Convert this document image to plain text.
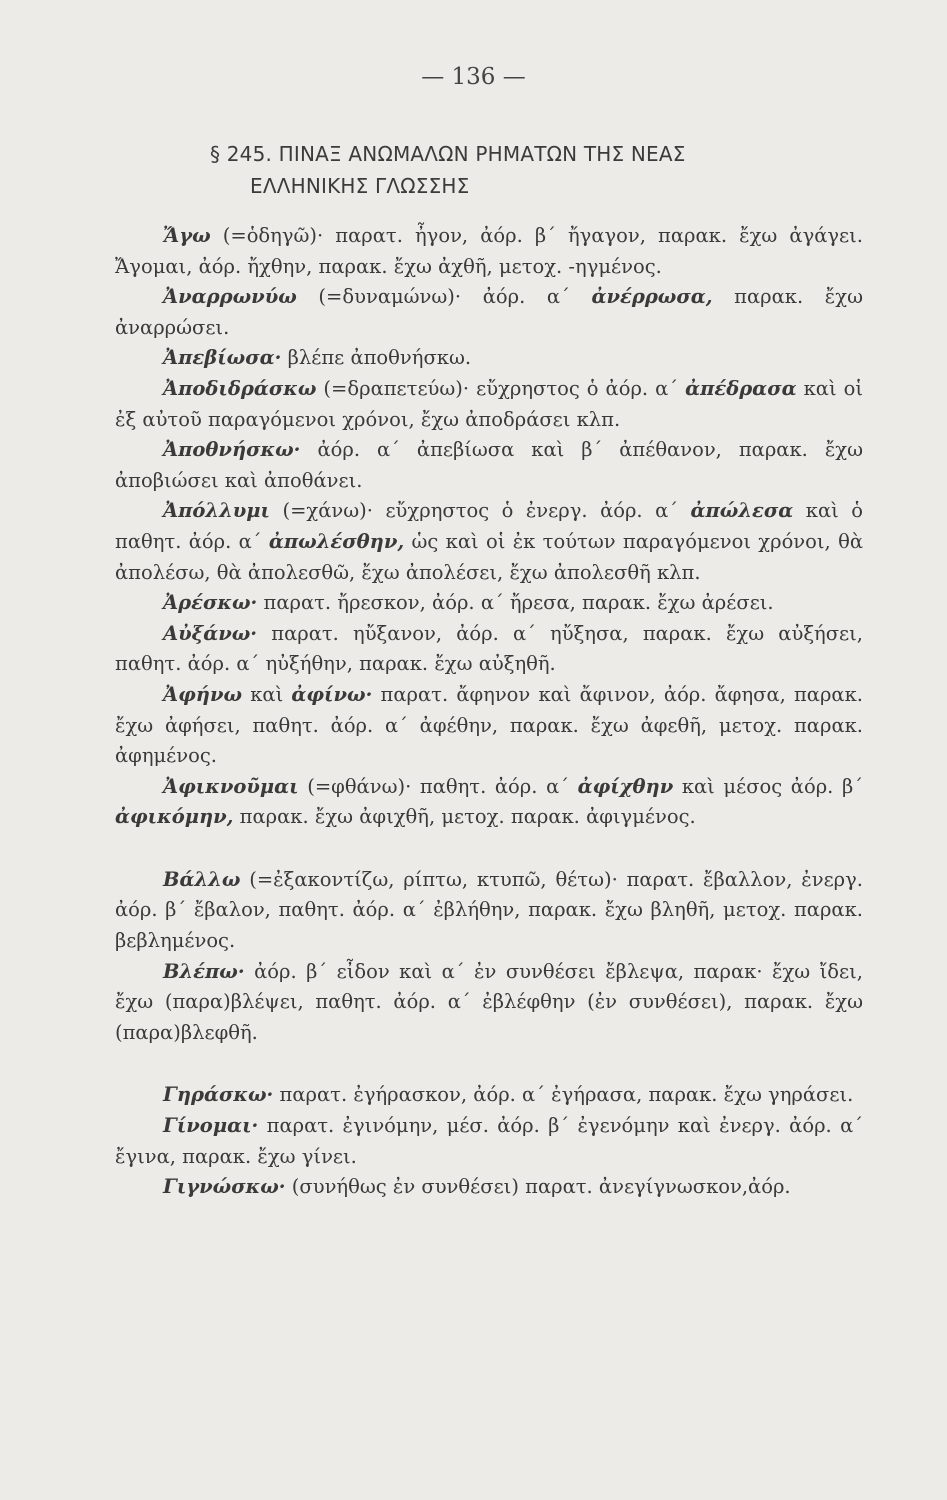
— 136 —
§ 245. ΠΙΝΑΞ ΑΝΩΜΑΛΩΝ ΡΗΜΑΤΩΝ ΤΗΣ ΝΕΑΣ
ΕΛΛΗΝΙΚΗΣ ΓΛΩΣΣΗΣ

Ἄγω (=ὁδηγῶ)· παρατ. ἦγον, ἀόρ. β΄ ἤγαγον, παρακ. ἔχω ἀγάγει. Ἄγομαι, ἀόρ. ἤχθην, παρακ. ἔχω ἀχθῆ, μετοχ. -ηγμένος.

Ἀναρρωνύω (=δυναμώνω)· ἀόρ. α΄ ἀνέρρωσα, παρακ. ἔχω ἀναρρώσει.

Ἀπεβίωσα· βλέπε ἀποθνήσκω.

Ἀποδιδράσκω (=δραπετεύω)· εὔχρηστος ὁ ἀόρ. α΄ ἀπέδρασα καὶ οἱ ἐξ αὐτοῦ παραγόμενοι χρόνοι, ἔχω ἀποδράσει κλπ.

Ἀποθνήσκω· ἀόρ. α΄ ἀπεβίωσα καὶ β΄ ἀπέθανον, παρακ. ἔχω ἀποβιώσει καὶ ἀποθάνει.

Ἀπόλλυμι (=χάνω)· εὔχρηστος ὁ ἐνεργ. ἀόρ. α΄ ἀπώλεσα καὶ ὁ παθητ. ἀόρ. α΄ ἀπωλέσθην, ὡς καὶ οἱ ἐκ τούτων παραγόμενοι χρόνοι, θὰ ἀπολέσω, θὰ ἀπολεσθῶ, ἔχω ἀπολέσει, ἔχω ἀπολεσθῆ κλπ.

Ἀρέσκω· παρατ. ἤρεσκον, ἀόρ. α΄ ἤρεσα, παρακ. ἔχω ἀρέσει.

Αὐξάνω· παρατ. ηὔξανον, ἀόρ. α΄ ηὔξησα, παρακ. ἔχω αὐξήσει, παθητ. ἀόρ. α΄ ηὐξήθην, παρακ. ἔχω αὐξηθῆ.

Ἀφήνω καὶ ἀφίνω· παρατ. ἄφηνον καὶ ἄφινον, ἀόρ. ἄφησα, παρακ. ἔχω ἀφήσει, παθητ. ἀόρ. α΄ ἀφέθην, παρακ. ἔχω ἀφεθῆ, μετοχ. παρακ. ἀφημένος.

Ἀφικνοῦμαι (=φθάνω)· παθητ. ἀόρ. α΄ ἀφίχθην καὶ μέσος ἀόρ. β΄ ἀφικόμην, παρακ. ἔχω ἀφιχθῆ, μετοχ. παρακ. ἀφιγμένος.

Βάλλω (=ἐξακοντίζω, ρίπτω, κτυπῶ, θέτω)· παρατ. ἔβαλλον, ἐνεργ. ἀόρ. β΄ ἔβαλον, παθητ. ἀόρ. α΄ ἐβλήθην, παρακ. ἔχω βληθῆ, μετοχ. παρακ. βεβλημένος.

Βλέπω· ἀόρ. β΄ εἶδον καὶ α΄ ἐν συνθέσει ἔβλεψα, παρακ· ἔχω ἴδει, ἔχω (παρα)βλέψει, παθητ. ἀόρ. α΄ ἐβλέφθην (ἐν συνθέσει), παρακ. ἔχω (παρα)βλεφθῆ.

Γηράσκω· παρατ. ἐγήρασκον, ἀόρ. α΄ ἐγήρασα, παρακ. ἔχω γηράσει.

Γίνομαι· παρατ. ἐγινόμην, μέσ. ἀόρ. β΄ ἐγενόμην καὶ ἐνεργ. ἀόρ. α΄ ἔγινα, παρακ. ἔχω γίνει.

Γιγνώσκω· (συνήθως ἐν συνθέσει) παρατ. ἀνεγίγνωσκον,ἀόρ.
